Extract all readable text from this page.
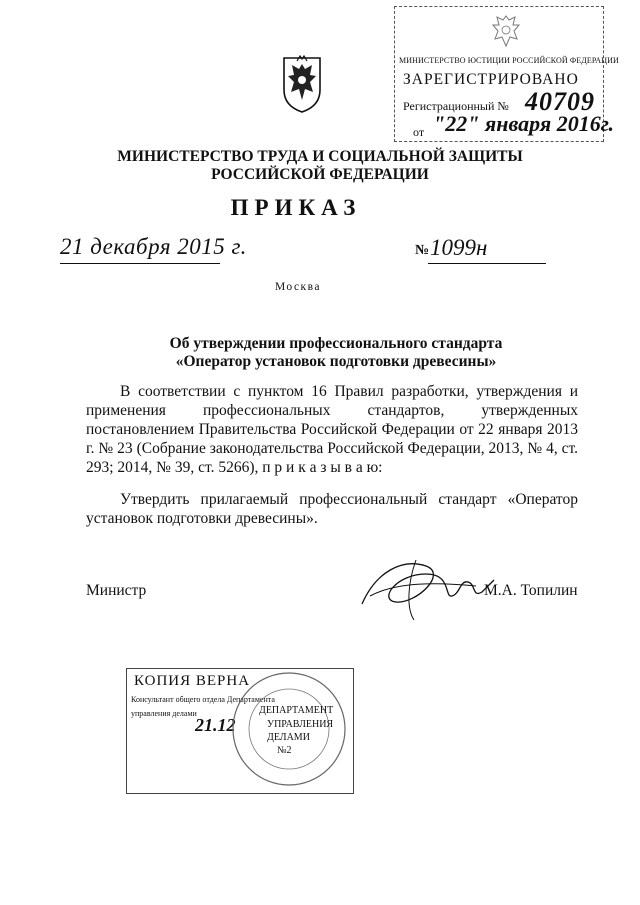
МИНИСТЕРСТВО ЮСТИЦИИ РОССИЙСКОЙ ФЕДЕРАЦИИ
ЗАРЕГИСТРИРОВАНО
Регистрационный № 40709
от "22" января 2016г.
МИНИСТЕРСТВО ТРУДА И СОЦИАЛЬНОЙ ЗАЩИТЫ
РОССИЙСКОЙ ФЕДЕРАЦИИ
ПРИКАЗ
21 декабря 2015 г.	№ 1099н
Москва
Об утверждении профессионального стандарта
«Оператор установок подготовки древесины»
В соответствии с пунктом 16 Правил разработки, утверждения и применения профессиональных стандартов, утвержденных постановлением Правительства Российской Федерации от 22 января 2013 г. № 23 (Собрание законодательства Российской Федерации, 2013, № 4, ст. 293; 2014, № 39, ст. 5266), п р и к а з ы в а ю:
Утвердить прилагаемый профессиональный стандарт «Оператор установок подготовки древесины».
Министр	М.А. Топилин
КОПИЯ ВЕРНА
Консультант общего отдела Департамента
управления делами
21.12
ДЕПАРТАМЕНТ
УПРАВЛЕНИЯ
ДЕЛАМИ
№2
